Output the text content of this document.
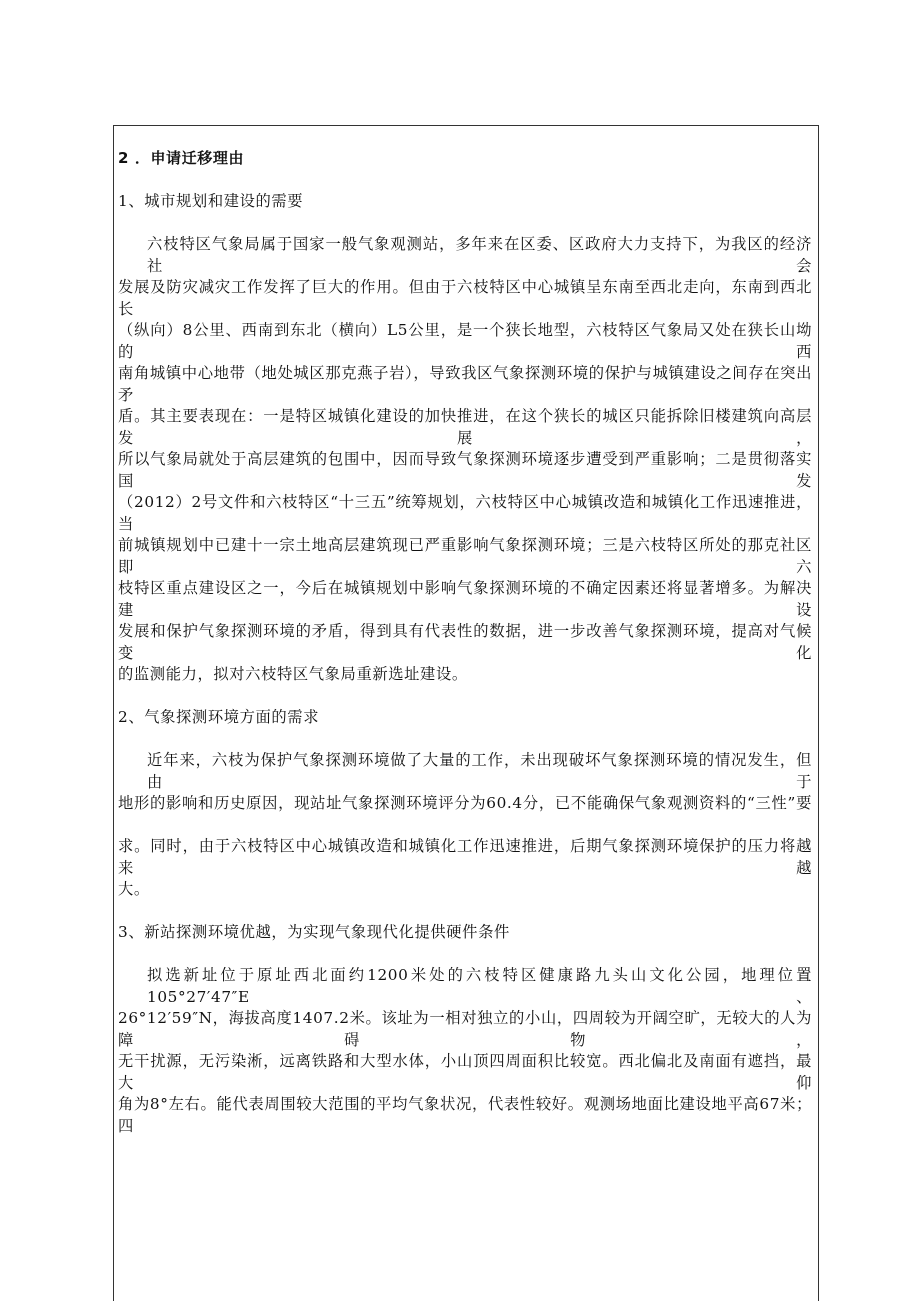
2 ．申请迁移理由
1、城市规划和建设的需要
六枝特区气象局属于国家一般气象观测站，多年来在区委、区政府大力支持下，为我区的经济社会
发展及防灾减灾工作发挥了巨大的作用。但由于六枝特区中心城镇呈东南至西北走向，东南到西北长
（纵向）8公里、西南到东北（横向）L5公里，是一个狭长地型，六枝特区气象局又处在狭长山坳的西
南角城镇中心地带（地处城区那克燕子岩），导致我区气象探测环境的保护与城镇建设之间存在突出矛
盾。其主要表现在：一是特区城镇化建设的加快推进，在这个狭长的城区只能拆除旧楼建筑向高层发展，
所以气象局就处于高层建筑的包围中，因而导致气象探测环境逐步遭受到严重影响；二是贯彻落实国发
（2012）2号文件和六枝特区“十三五”统筹规划，六枝特区中心城镇改造和城镇化工作迅速推进，当
前城镇规划中已建十一宗土地高层建筑现已严重影响气象探测环境；三是六枝特区所处的那克社区即六
枝特区重点建设区之一，今后在城镇规划中影响气象探测环境的不确定因素还将显著增多。为解决建设
发展和保护气象探测环境的矛盾，得到具有代表性的数据，进一步改善气象探测环境，提高对气候变化
的监测能力，拟对六枝特区气象局重新选址建设。
2、气象探测环境方面的需求
近年来，六枝为保护气象探测环境做了大量的工作，未出现破坏气象探测环境的情况发生，但由于
地形的影响和历史原因，现站址气象探测环境评分为60.4分，已不能确保气象观测资料的“三性”要
求。同时，由于六枝特区中心城镇改造和城镇化工作迅速推进，后期气象探测环境保护的压力将越来越
大。
3、新站探测环境优越，为实现气象现代化提供硬件条件
拟选新址位于原址西北面约1200米处的六枝特区健康路九头山文化公园，地理位置105°27′47″E、
26°12′59″N，海拔高度1407.2米。该址为一相对独立的小山，四周较为开阔空旷，无较大的人为障碍物，
无干扰源，无污染淅，远离铁路和大型水体，小山顶四周面积比较宽。西北偏北及南面有遮挡，最大仰
角为8°左右。能代表周围较大范围的平均气象状况，代表性较好。观测场地面比建设地平高67米；四
